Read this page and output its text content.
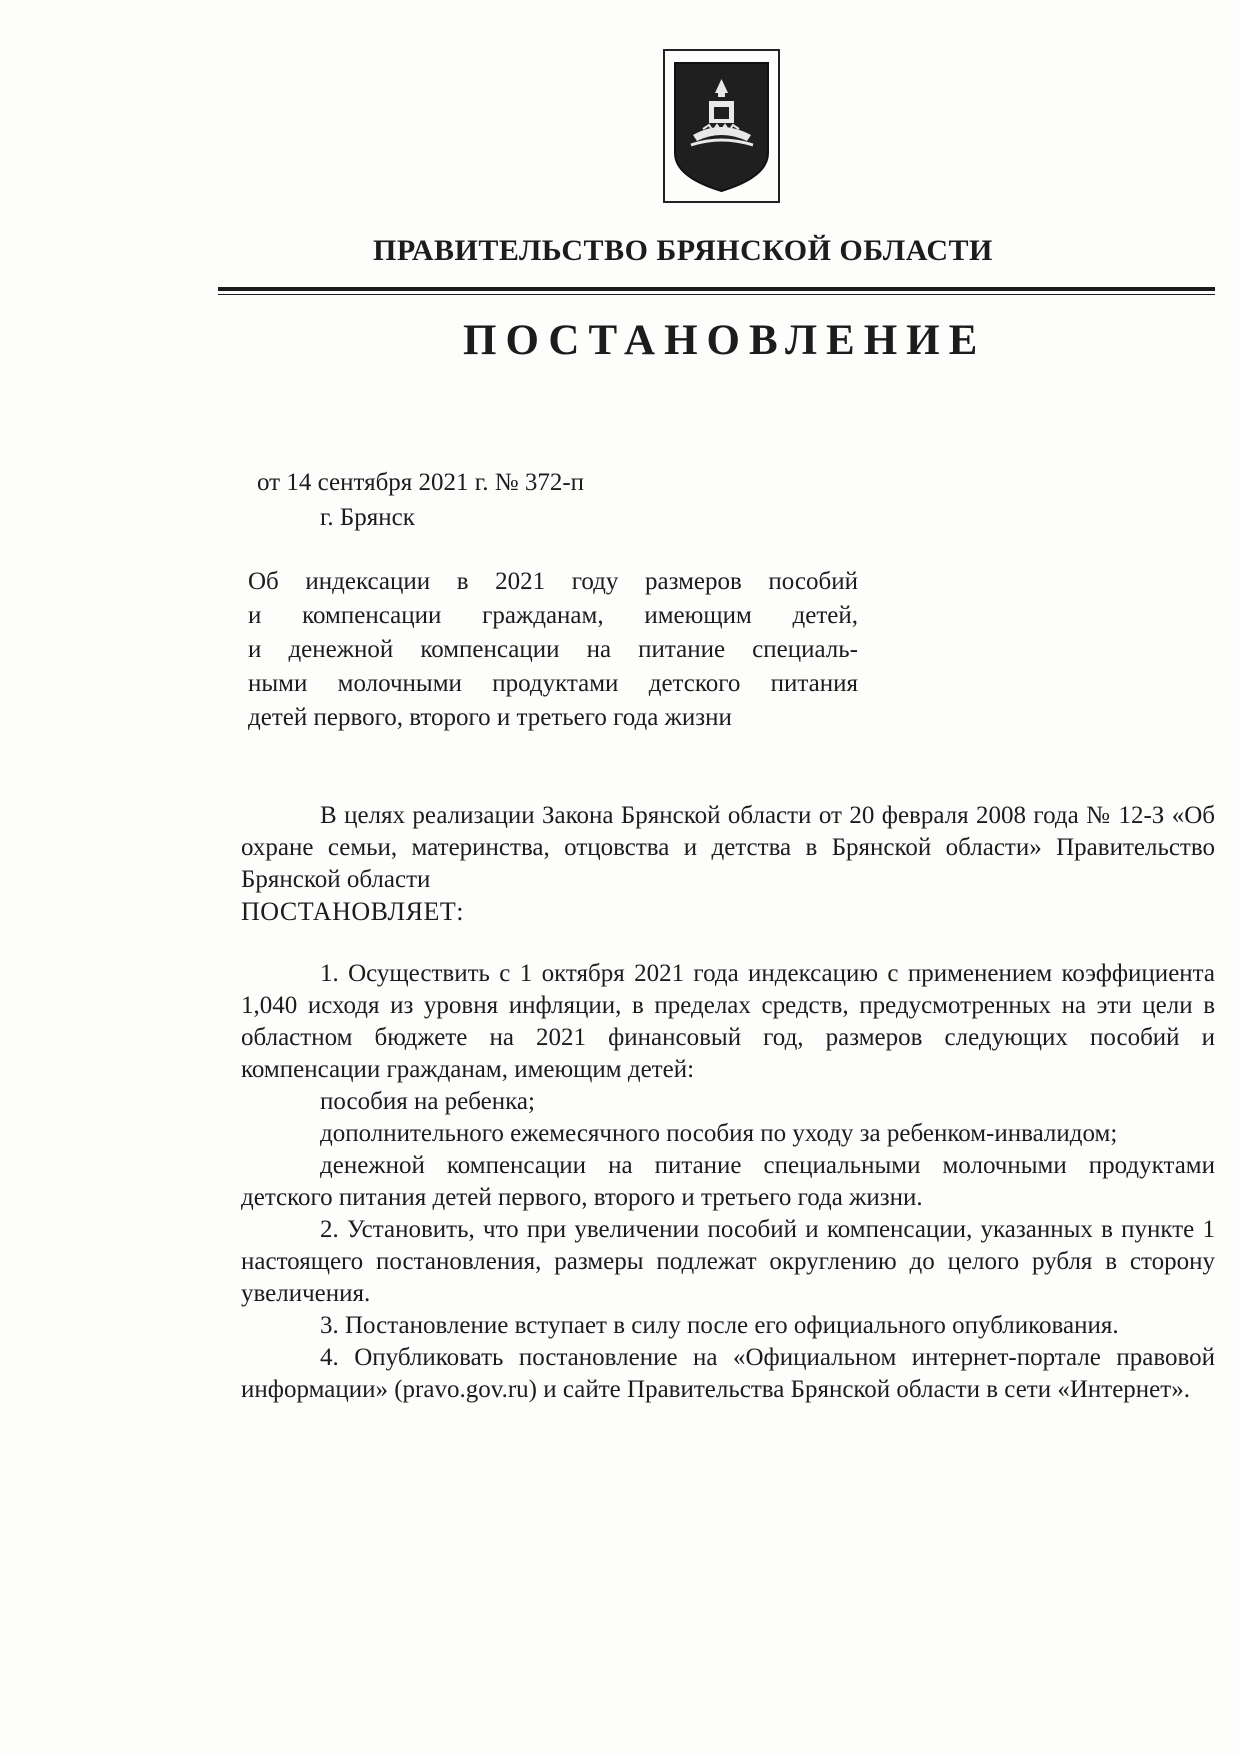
ПРАВИТЕЛЬСТВО БРЯНСКОЙ ОБЛАСТИ
ПОСТАНОВЛЕНИЕ
от 14 сентября 2021 г. № 372-п
г. Брянск
Об индексации в 2021 году размеров пособий
и компенсации гражданам, имеющим детей,
и денежной компенсации на питание специаль-
ными молочными продуктами детского питания
детей первого, второго и третьего года жизни

В целях реализации Закона Брянской области от 20 февраля 2008 года № 12-З «Об охране семьи, материнства, отцовства и детства в Брянской области» Правительство Брянской области

ПОСТАНОВЛЯЕТ:

1. Осуществить с 1 октября 2021 года индексацию с применением коэффициента 1,040 исходя из уровня инфляции, в пределах средств, предусмотренных на эти цели в областном бюджете на 2021 финансовый год, размеров следующих пособий и компенсации гражданам, имеющим детей:

пособия на ребенка;

дополнительного ежемесячного пособия по уходу за ребенком-инвалидом;

денежной компенсации на питание специальными молочными продуктами детского питания детей первого, второго и третьего года жизни.

2. Установить, что при увеличении пособий и компенсации, указанных в пункте 1 настоящего постановления, размеры подлежат округлению до целого рубля в сторону увеличения.

3. Постановление вступает в силу после его официального опубликования.

4. Опубликовать постановление на «Официальном интернет-портале правовой информации» (pravo.gov.ru) и сайте Правительства Брянской области в сети «Интернет».
